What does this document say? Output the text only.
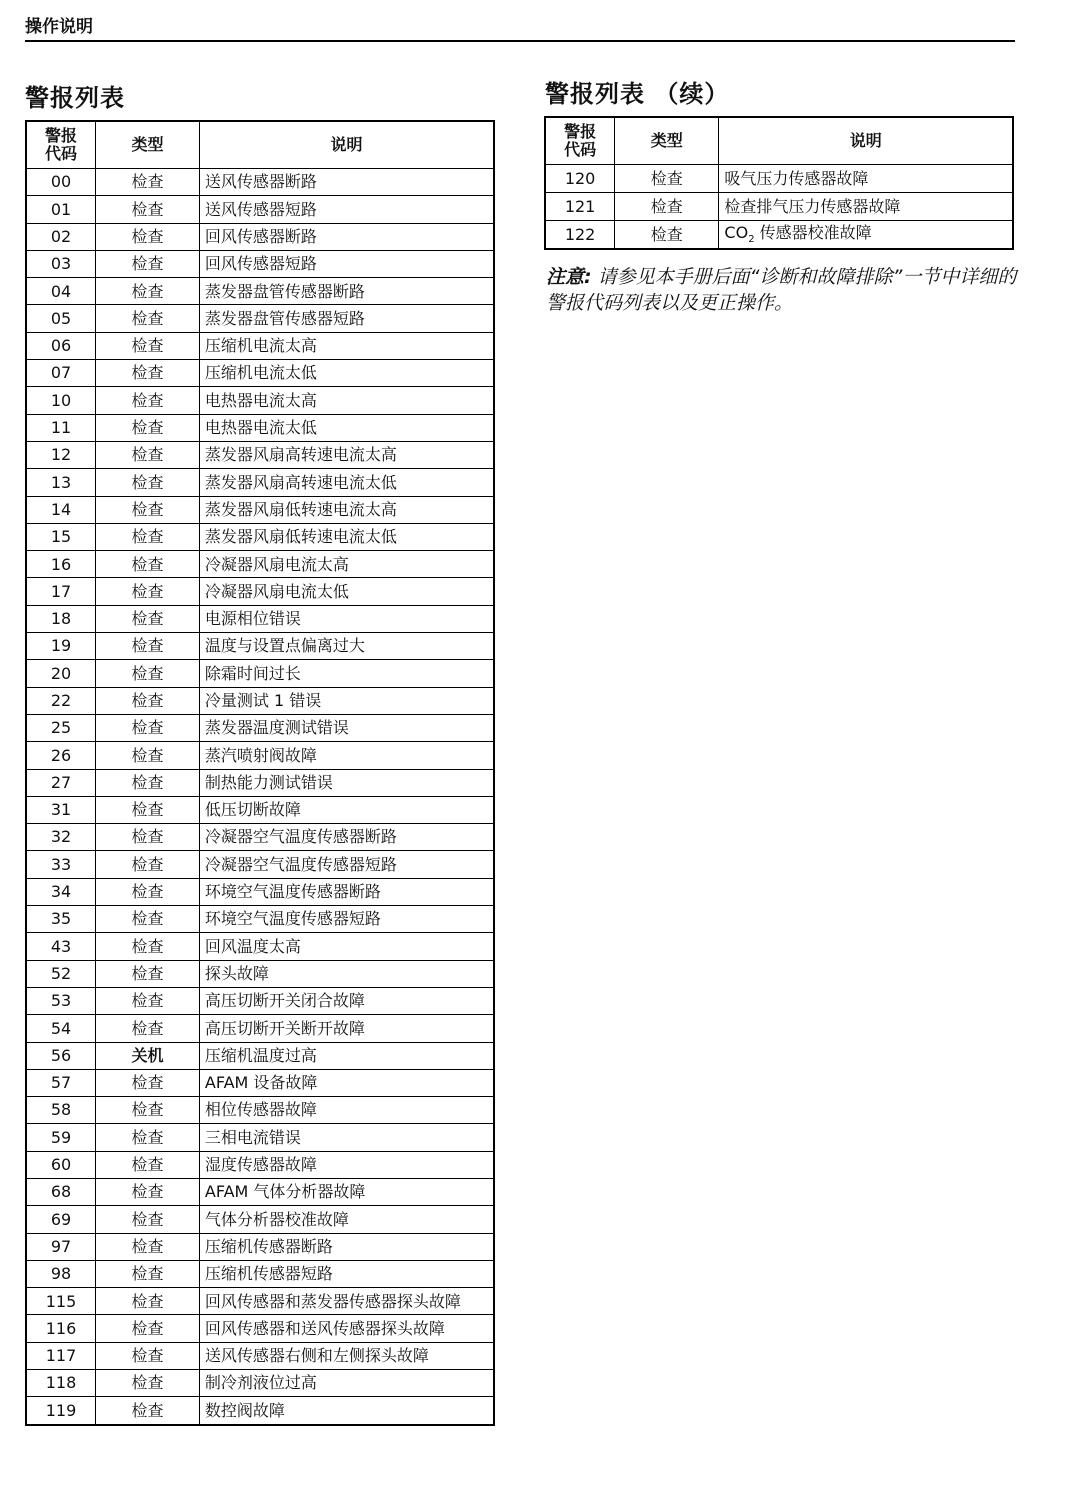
操作说明
警报列表
警报
代码	类型	说明
00	检查	送风传感器断路
01	检查	送风传感器短路
02	检查	回风传感器断路
03	检查	回风传感器短路
04	检查	蒸发器盘管传感器断路
05	检查	蒸发器盘管传感器短路
06	检查	压缩机电流太高
07	检查	压缩机电流太低
10	检查	电热器电流太高
11	检查	电热器电流太低
12	检查	蒸发器风扇高转速电流太高
13	检查	蒸发器风扇高转速电流太低
14	检查	蒸发器风扇低转速电流太高
15	检查	蒸发器风扇低转速电流太低
16	检查	冷凝器风扇电流太高
17	检查	冷凝器风扇电流太低
18	检查	电源相位错误
19	检查	温度与设置点偏离过大
20	检查	除霜时间过长
22	检查	冷量测试 1 错误
25	检查	蒸发器温度测试错误
26	检查	蒸汽喷射阀故障
27	检查	制热能力测试错误
31	检查	低压切断故障
32	检查	冷凝器空气温度传感器断路
33	检查	冷凝器空气温度传感器短路
34	检查	环境空气温度传感器断路
35	检查	环境空气温度传感器短路
43	检查	回风温度太高
52	检查	探头故障
53	检查	高压切断开关闭合故障
54	检查	高压切断开关断开故障
56	关机	压缩机温度过高
57	检查	AFAM 设备故障
58	检查	相位传感器故障
59	检查	三相电流错误
60	检查	湿度传感器故障
68	检查	AFAM 气体分析器故障
69	检查	气体分析器校准故障
97	检查	压缩机传感器断路
98	检查	压缩机传感器短路
115	检查	回风传感器和蒸发器传感器探头故障
116	检查	回风传感器和送风传感器探头故障
117	检查	送风传感器右侧和左侧探头故障
118	检查	制冷剂液位过高
119	检查	数控阀故障
警报列表 （续）
警报
代码	类型	说明
120	检查	吸气压力传感器故障
121	检查	检查排气压力传感器故障
122	检查	$CO_2$ 传感器校准故障
注意: 请参见本手册后面“诊断和故障排除”一节中详细的警报代码列表以及更正操作。
